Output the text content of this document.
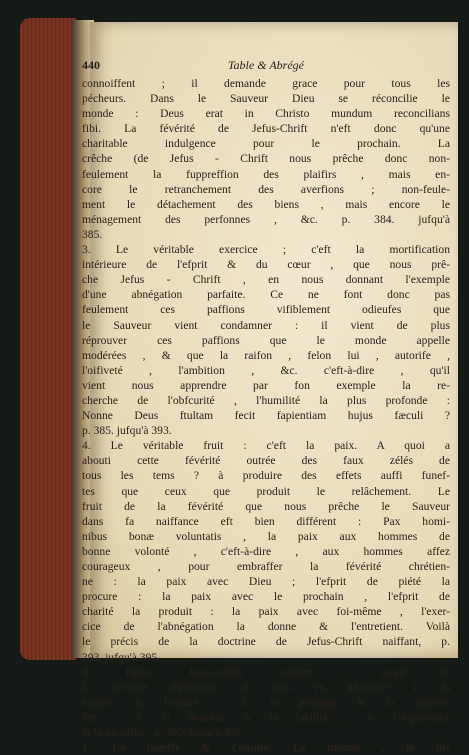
Table & Abrégé
440
connoiffent ; il demande grace pour tous les
pécheurs. Dans le Sauveur Dieu se réconcilie le
monde : Deus erat in Christo mundum reconcilians
fibi. La févérité de Jefus-Chrift n'eft donc qu'une
charitable indulgence pour le prochain. La
crêche (de Jefus - Chrift nous prêche donc non-
feulement la fuppreffion des plaifirs , mais en-
core le retranchement des averfions ; non-feule-
ment le détachement des biens , mais encore le
ménagement des perfonnes , &c. p. 384. jufqu'à
385.
3. Le véritable exercice ; c'eft la mortification
intérieure de l'efprit & du cœur , que nous prê-
che Jefus - Chrift , en nous donnant l'exemple
d'une abnégation parfaite. Ce ne font donc pas
feulement ces paffions vifiblement odieufes que
le Sauveur vient condamner : il vient de plus
réprouver ces paffions que le monde appelle
modérées , & que la raifon , felon lui , autorife ,
l'oifiveté , l'ambition , &c. c'eft-à-dire , qu'il
vient nous apprendre par fon exemple la re-
cherche de l'obfcurité , l'humilité la plus profonde :
Nonne Deus ftultam fecit fapientiam hujus fæculi ?
p. 385. jufqu'à 393.
4. Le véritable fruit : c'eft la paix. A quoi a
abouti cette févérité outrée des faux zélés de
tous les tems ? à produire des effets auffi funef-
tes que ceux que produit le relâchement. Le
fruit de la févérité que nous prêche le Sauveur
dans fa naiffance eft bien différent : Pax homi-
nibus bonæ voluntatis , la paix aux hommes de
bonne volonté , c'eft-à-dire , aux hommes affez
courageux , pour embraffer la févérité chrétien-
ne : la paix avec Dieu ; l'efprit de piété la
procure : la paix avec le prochain , l'efprit de
charité la produit : la paix avec foi-même , l'exer-
cice de l'abnégation la donne & l'entretient. Voilà
le précis de la doctrine de Jefus-Chrift naiffant, p.
393. jufqu'à 395.
II. Partie. Jefus-Chrift naiffant , motif de
la févérité chrétienne. Il nous en découvre 1. la
fageffe & l'équité , 2. la pratique & la poffibi-
lité , 3. la douceur & la facilité , 4. l'importance
& la néceffité , p. 395. jufqu'à 402.
1. La fageffe & l'équité. Le monde , je dis
